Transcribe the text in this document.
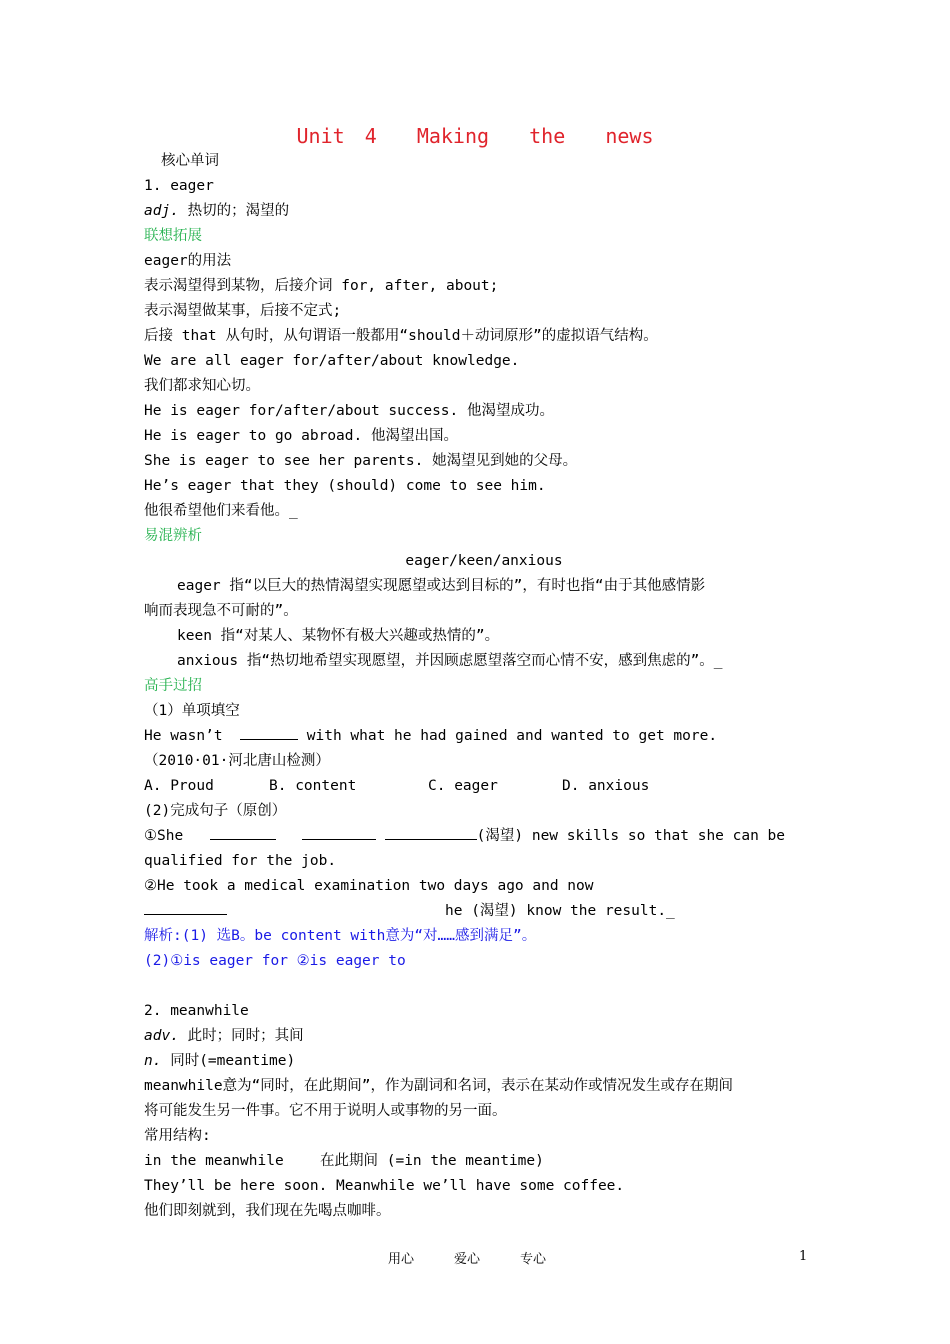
Unit 4  Making  the  news
核心单词
1. eager
adj. 热切的；渴望的
联想拓展
eager的用法
表示渴望得到某物，后接介词 for, after, about;
表示渴望做某事，后接不定式;
后接 that 从句时，从句谓语一般都用“should＋动词原形”的虚拟语气结构。
We are all eager for/after/about knowledge.
我们都求知心切。
He is eager for/after/about success. 他渴望成功。
He is eager to go abroad. 他渴望出国。
She is eager to see her parents. 她渴望见到她的父母。
He’s eager that they (should) come to see him.
他很希望他们来看他。_
易混辨析
eager/keen/anxious
eager 指“以巨大的热情渴望实现愿望或达到目标的”，有时也指“由于其他感情影
响而表现急不可耐的”。
keen 指“对某人、某物怀有极大兴趣或热情的”。
anxious 指“热切地希望实现愿望，并因顾虑愿望落空而心情不安，感到焦虑的”。_
高手过招
（1）单项填空
He wasn’t	with what he had gained and wanted to get more.
（2010·01·河北唐山检测）
A. Proud	B. content	C. eager	D. anxious
(2)完成句子（原创）
①She	(渴望) new skills so that she can be
qualified for the job.
②He took a medical examination two days ago and now
he (渴望) know the result._
解析:(1) 选B。be content with意为“对……感到满足”。
(2)①is eager for ②is eager to
2. meanwhile
adv. 此时；同时；其间
n. 同时(=meantime)
meanwhile意为“同时，在此期间”，作为副词和名词，表示在某动作或情况发生或存在期间
将可能发生另一件事。它不用于说明人或事物的另一面。
常用结构:
in the meanwhile	在此期间 (=in the meantime)
They’ll be here soon. Meanwhile we’ll have some coffee.
他们即刻就到，我们现在先喝点咖啡。
用心	爱心	专心	1
